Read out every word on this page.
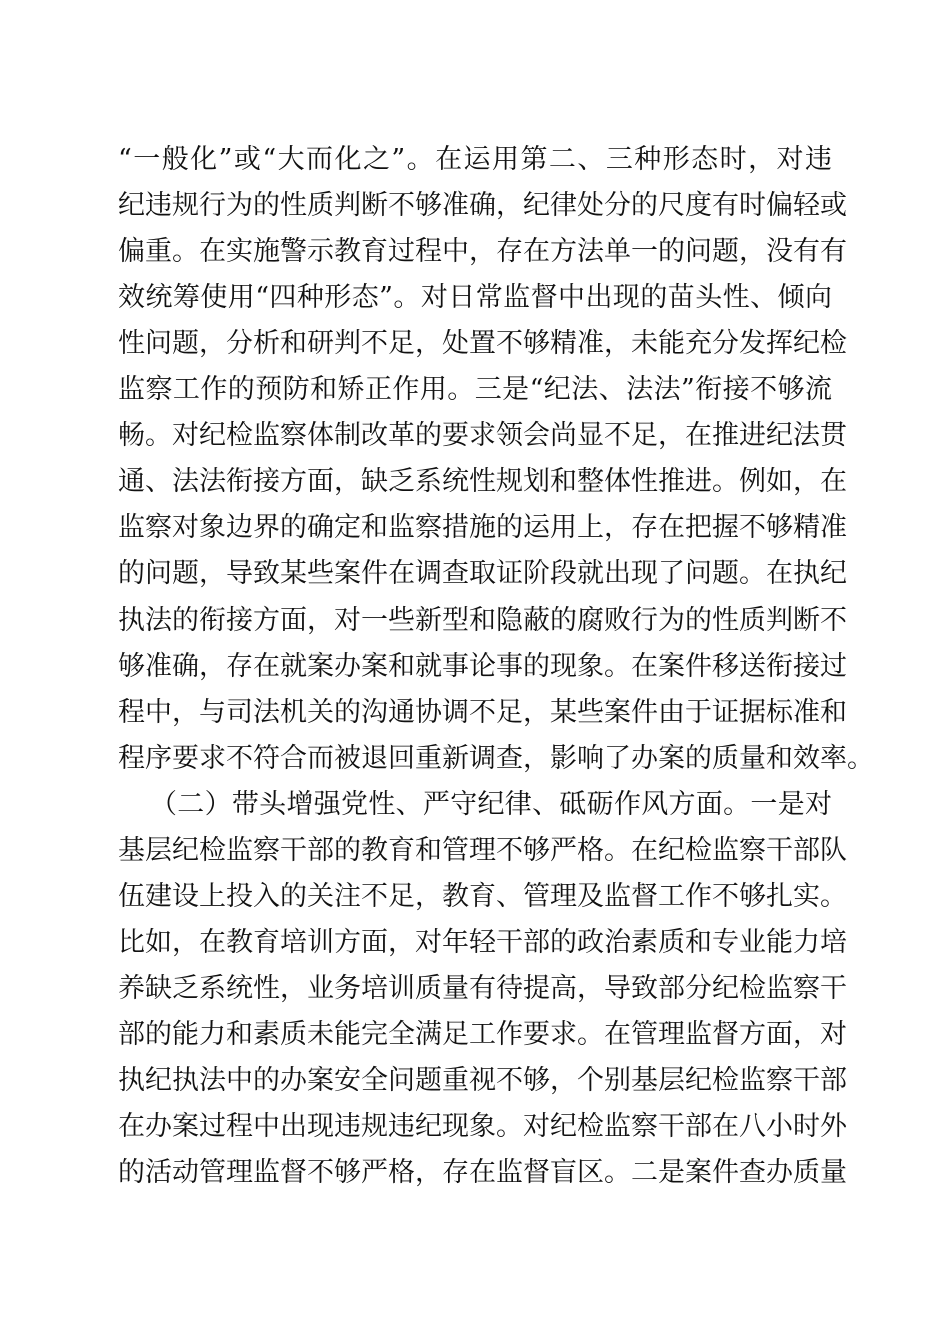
“一般化”或“大而化之”。在运用第二、三种形态时，对违
纪违规行为的性质判断不够准确，纪律处分的尺度有时偏轻或
偏重。在实施警示教育过程中，存在方法单一的问题，没有有
效统筹使用“四种形态”。对日常监督中出现的苗头性、倾向
性问题，分析和研判不足，处置不够精准，未能充分发挥纪检
监察工作的预防和矫正作用。三是“纪法、法法”衔接不够流
畅。对纪检监察体制改革的要求领会尚显不足，在推进纪法贯
通、法法衔接方面，缺乏系统性规划和整体性推进。例如，在
监察对象边界的确定和监察措施的运用上，存在把握不够精准
的问题，导致某些案件在调查取证阶段就出现了问题。在执纪
执法的衔接方面，对一些新型和隐蔽的腐败行为的性质判断不
够准确，存在就案办案和就事论事的现象。在案件移送衔接过
程中，与司法机关的沟通协调不足，某些案件由于证据标准和
程序要求不符合而被退回重新调查，影响了办案的质量和效率。
（二）带头增强党性、严守纪律、砥砺作风方面。一是对
基层纪检监察干部的教育和管理不够严格。在纪检监察干部队
伍建设上投入的关注不足，教育、管理及监督工作不够扎实。
比如，在教育培训方面，对年轻干部的政治素质和专业能力培
养缺乏系统性，业务培训质量有待提高，导致部分纪检监察干
部的能力和素质未能完全满足工作要求。在管理监督方面，对
执纪执法中的办案安全问题重视不够，个别基层纪检监察干部
在办案过程中出现违规违纪现象。对纪检监察干部在八小时外
的活动管理监督不够严格，存在监督盲区。二是案件查办质量
